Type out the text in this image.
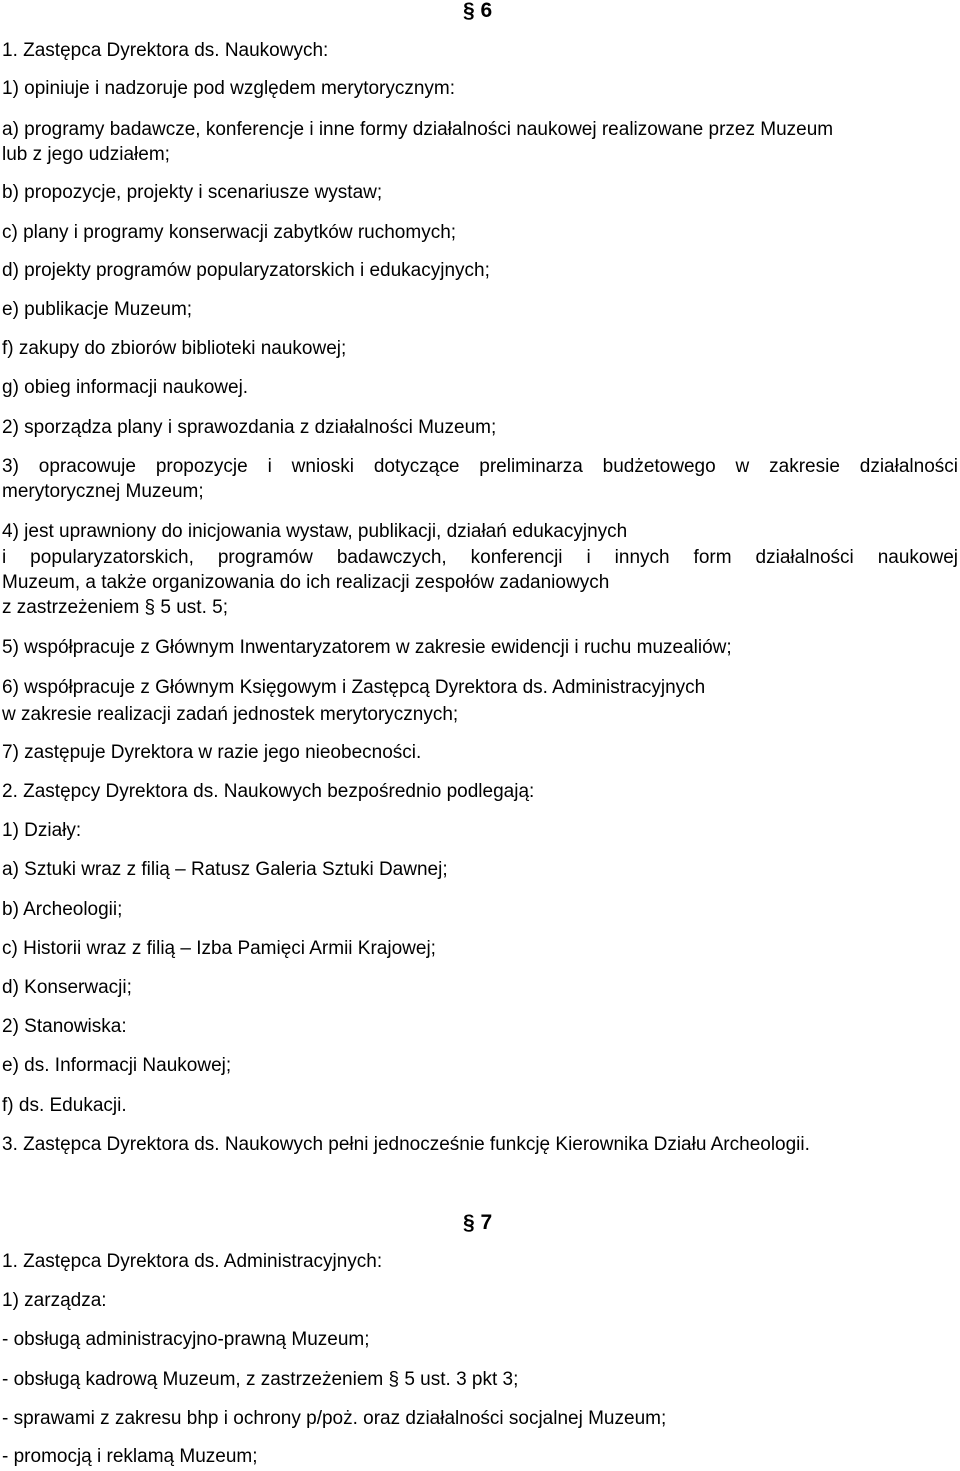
§ 6
1. Zastępca Dyrektora ds. Naukowych:
1) opiniuje i nadzoruje pod względem merytorycznym:
a) programy badawcze, konferencje i inne formy działalności naukowej realizowane przez Muzeum
lub z jego udziałem;
b) propozycje, projekty i scenariusze wystaw;
c) plany i programy konserwacji zabytków ruchomych;
d) projekty programów popularyzatorskich i edukacyjnych;
e) publikacje Muzeum;
f) zakupy do zbiorów biblioteki naukowej;
g) obieg informacji naukowej.
2) sporządza plany i sprawozdania z działalności Muzeum;
3) opracowuje propozycje i wnioski dotyczące preliminarza budżetowego w zakresie działalności
merytorycznej Muzeum;
4) jest uprawniony do inicjowania wystaw, publikacji, działań edukacyjnych
i popularyzatorskich, programów badawczych, konferencji i innych form działalności naukowej
Muzeum, a także organizowania do ich realizacji zespołów zadaniowych
z zastrzeżeniem § 5 ust. 5;
5) współpracuje z Głównym Inwentaryzatorem w zakresie ewidencji i ruchu muzealiów;
6) współpracuje z Głównym Księgowym i Zastępcą Dyrektora ds. Administracyjnych
w zakresie realizacji zadań jednostek merytorycznych;
7) zastępuje Dyrektora w razie jego nieobecności.
2. Zastępcy Dyrektora ds. Naukowych bezpośrednio podlegają:
1) Działy:
a) Sztuki wraz z filią – Ratusz Galeria Sztuki Dawnej;
b) Archeologii;
c) Historii wraz z filią – Izba Pamięci Armii Krajowej;
d) Konserwacji;
2) Stanowiska:
e) ds. Informacji Naukowej;
f) ds. Edukacji.
3. Zastępca Dyrektora ds. Naukowych pełni jednocześnie funkcję Kierownika Działu Archeologii.
§ 7
1. Zastępca Dyrektora ds. Administracyjnych:
1) zarządza:
- obsługą administracyjno-prawną Muzeum;
- obsługą kadrową Muzeum, z zastrzeżeniem § 5 ust. 3 pkt 3;
- sprawami z zakresu bhp i ochrony p/poż. oraz działalności socjalnej Muzeum;
- promocją i reklamą Muzeum;
